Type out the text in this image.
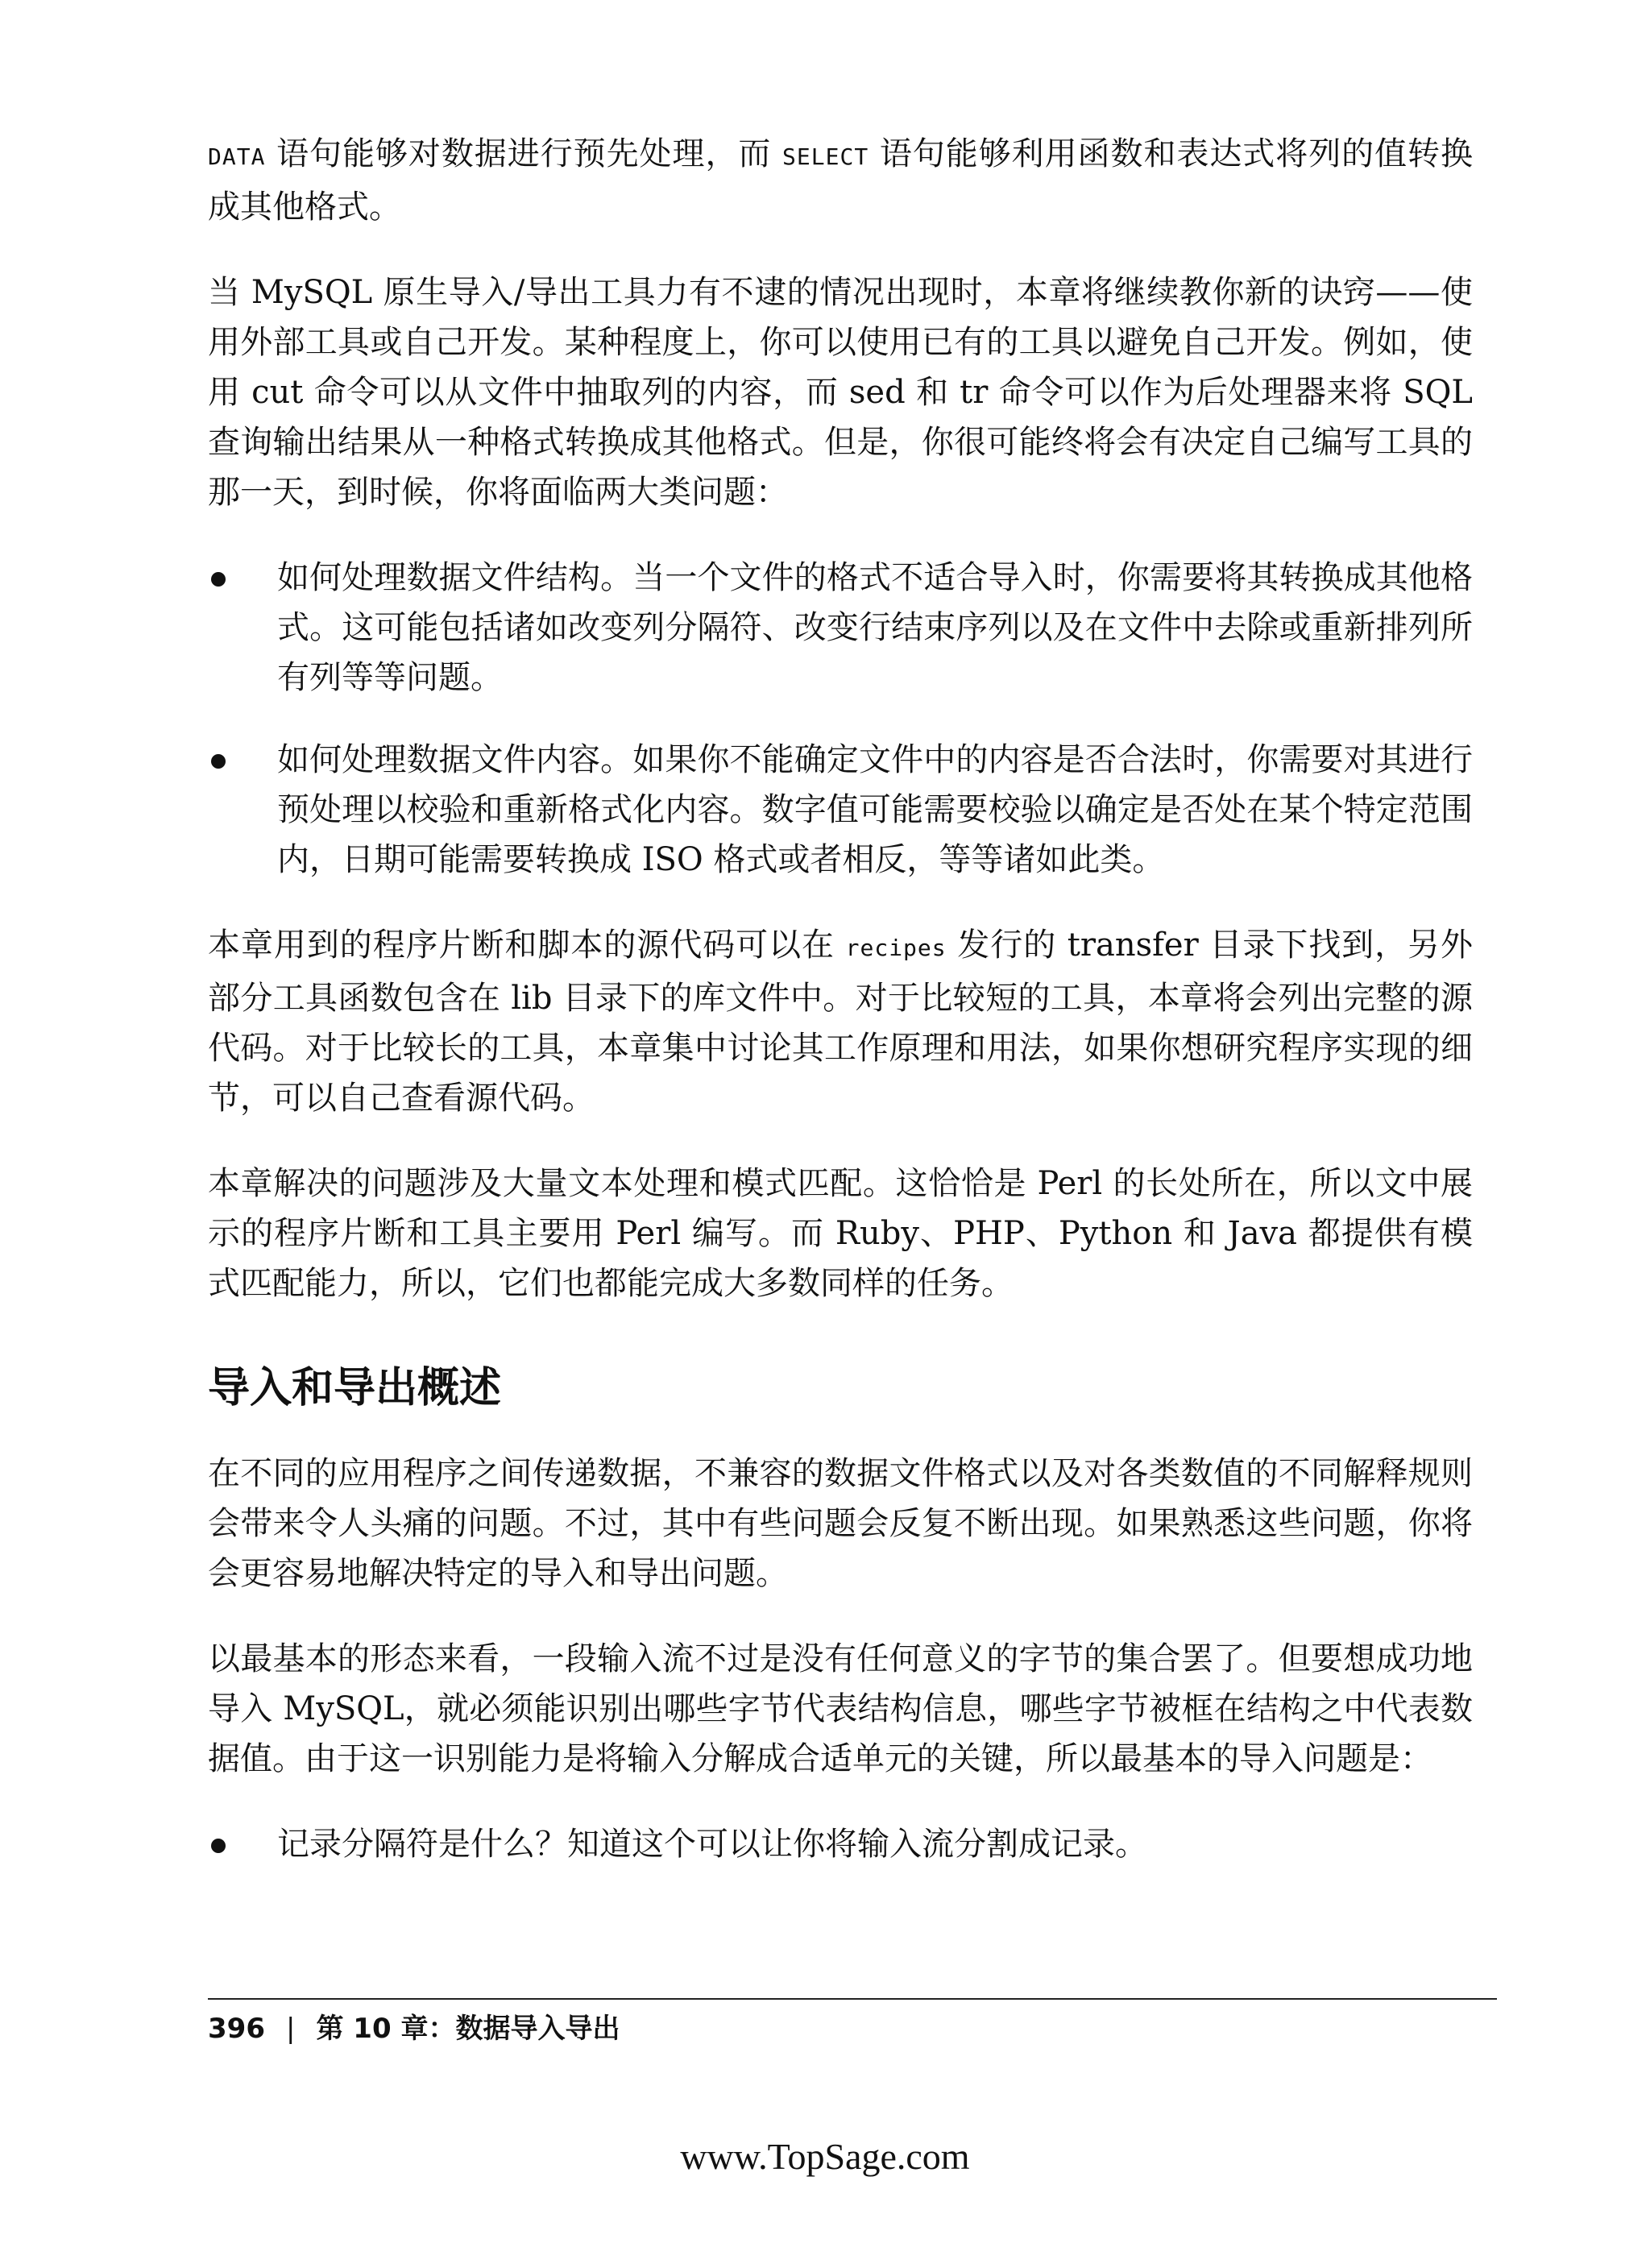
DATA 语句能够对数据进行预先处理，而 SELECT 语句能够利用函数和表达式将列的值转换成其他格式。

当 MySQL 原生导入/导出工具力有不逮的情况出现时，本章将继续教你新的诀窍——使用外部工具或自己开发。某种程度上，你可以使用已有的工具以避免自己开发。例如，使用 cut 命令可以从文件中抽取列的内容，而 sed 和 tr 命令可以作为后处理器来将 SQL 查询输出结果从一种格式转换成其他格式。但是，你很可能终将会有决定自己编写工具的那一天，到时候，你将面临两大类问题：

如何处理数据文件结构。当一个文件的格式不适合导入时，你需要将其转换成其他格式。这可能包括诸如改变列分隔符、改变行结束序列以及在文件中去除或重新排列所有列等等问题。
如何处理数据文件内容。如果你不能确定文件中的内容是否合法时，你需要对其进行预处理以校验和重新格式化内容。数字值可能需要校验以确定是否处在某个特定范围内，日期可能需要转换成 ISO 格式或者相反，等等诸如此类。

本章用到的程序片断和脚本的源代码可以在 recipes 发行的 transfer 目录下找到，另外部分工具函数包含在 lib 目录下的库文件中。对于比较短的工具，本章将会列出完整的源代码。对于比较长的工具，本章集中讨论其工作原理和用法，如果你想研究程序实现的细节，可以自己查看源代码。

本章解决的问题涉及大量文本处理和模式匹配。这恰恰是 Perl 的长处所在，所以文中展示的程序片断和工具主要用 Perl 编写。而 Ruby、PHP、Python 和 Java 都提供有模式匹配能力，所以，它们也都能完成大多数同样的任务。

导入和导出概述

在不同的应用程序之间传递数据，不兼容的数据文件格式以及对各类数值的不同解释规则会带来令人头痛的问题。不过，其中有些问题会反复不断出现。如果熟悉这些问题，你将会更容易地解决特定的导入和导出问题。

以最基本的形态来看，一段输入流不过是没有任何意义的字节的集合罢了。但要想成功地导入 MySQL，就必须能识别出哪些字节代表结构信息，哪些字节被框在结构之中代表数据值。由于这一识别能力是将输入分解成合适单元的关键，所以最基本的导入问题是：

记录分隔符是什么？知道这个可以让你将输入流分割成记录。
396 | 第 10 章：数据导入导出
www.TopSage.com
